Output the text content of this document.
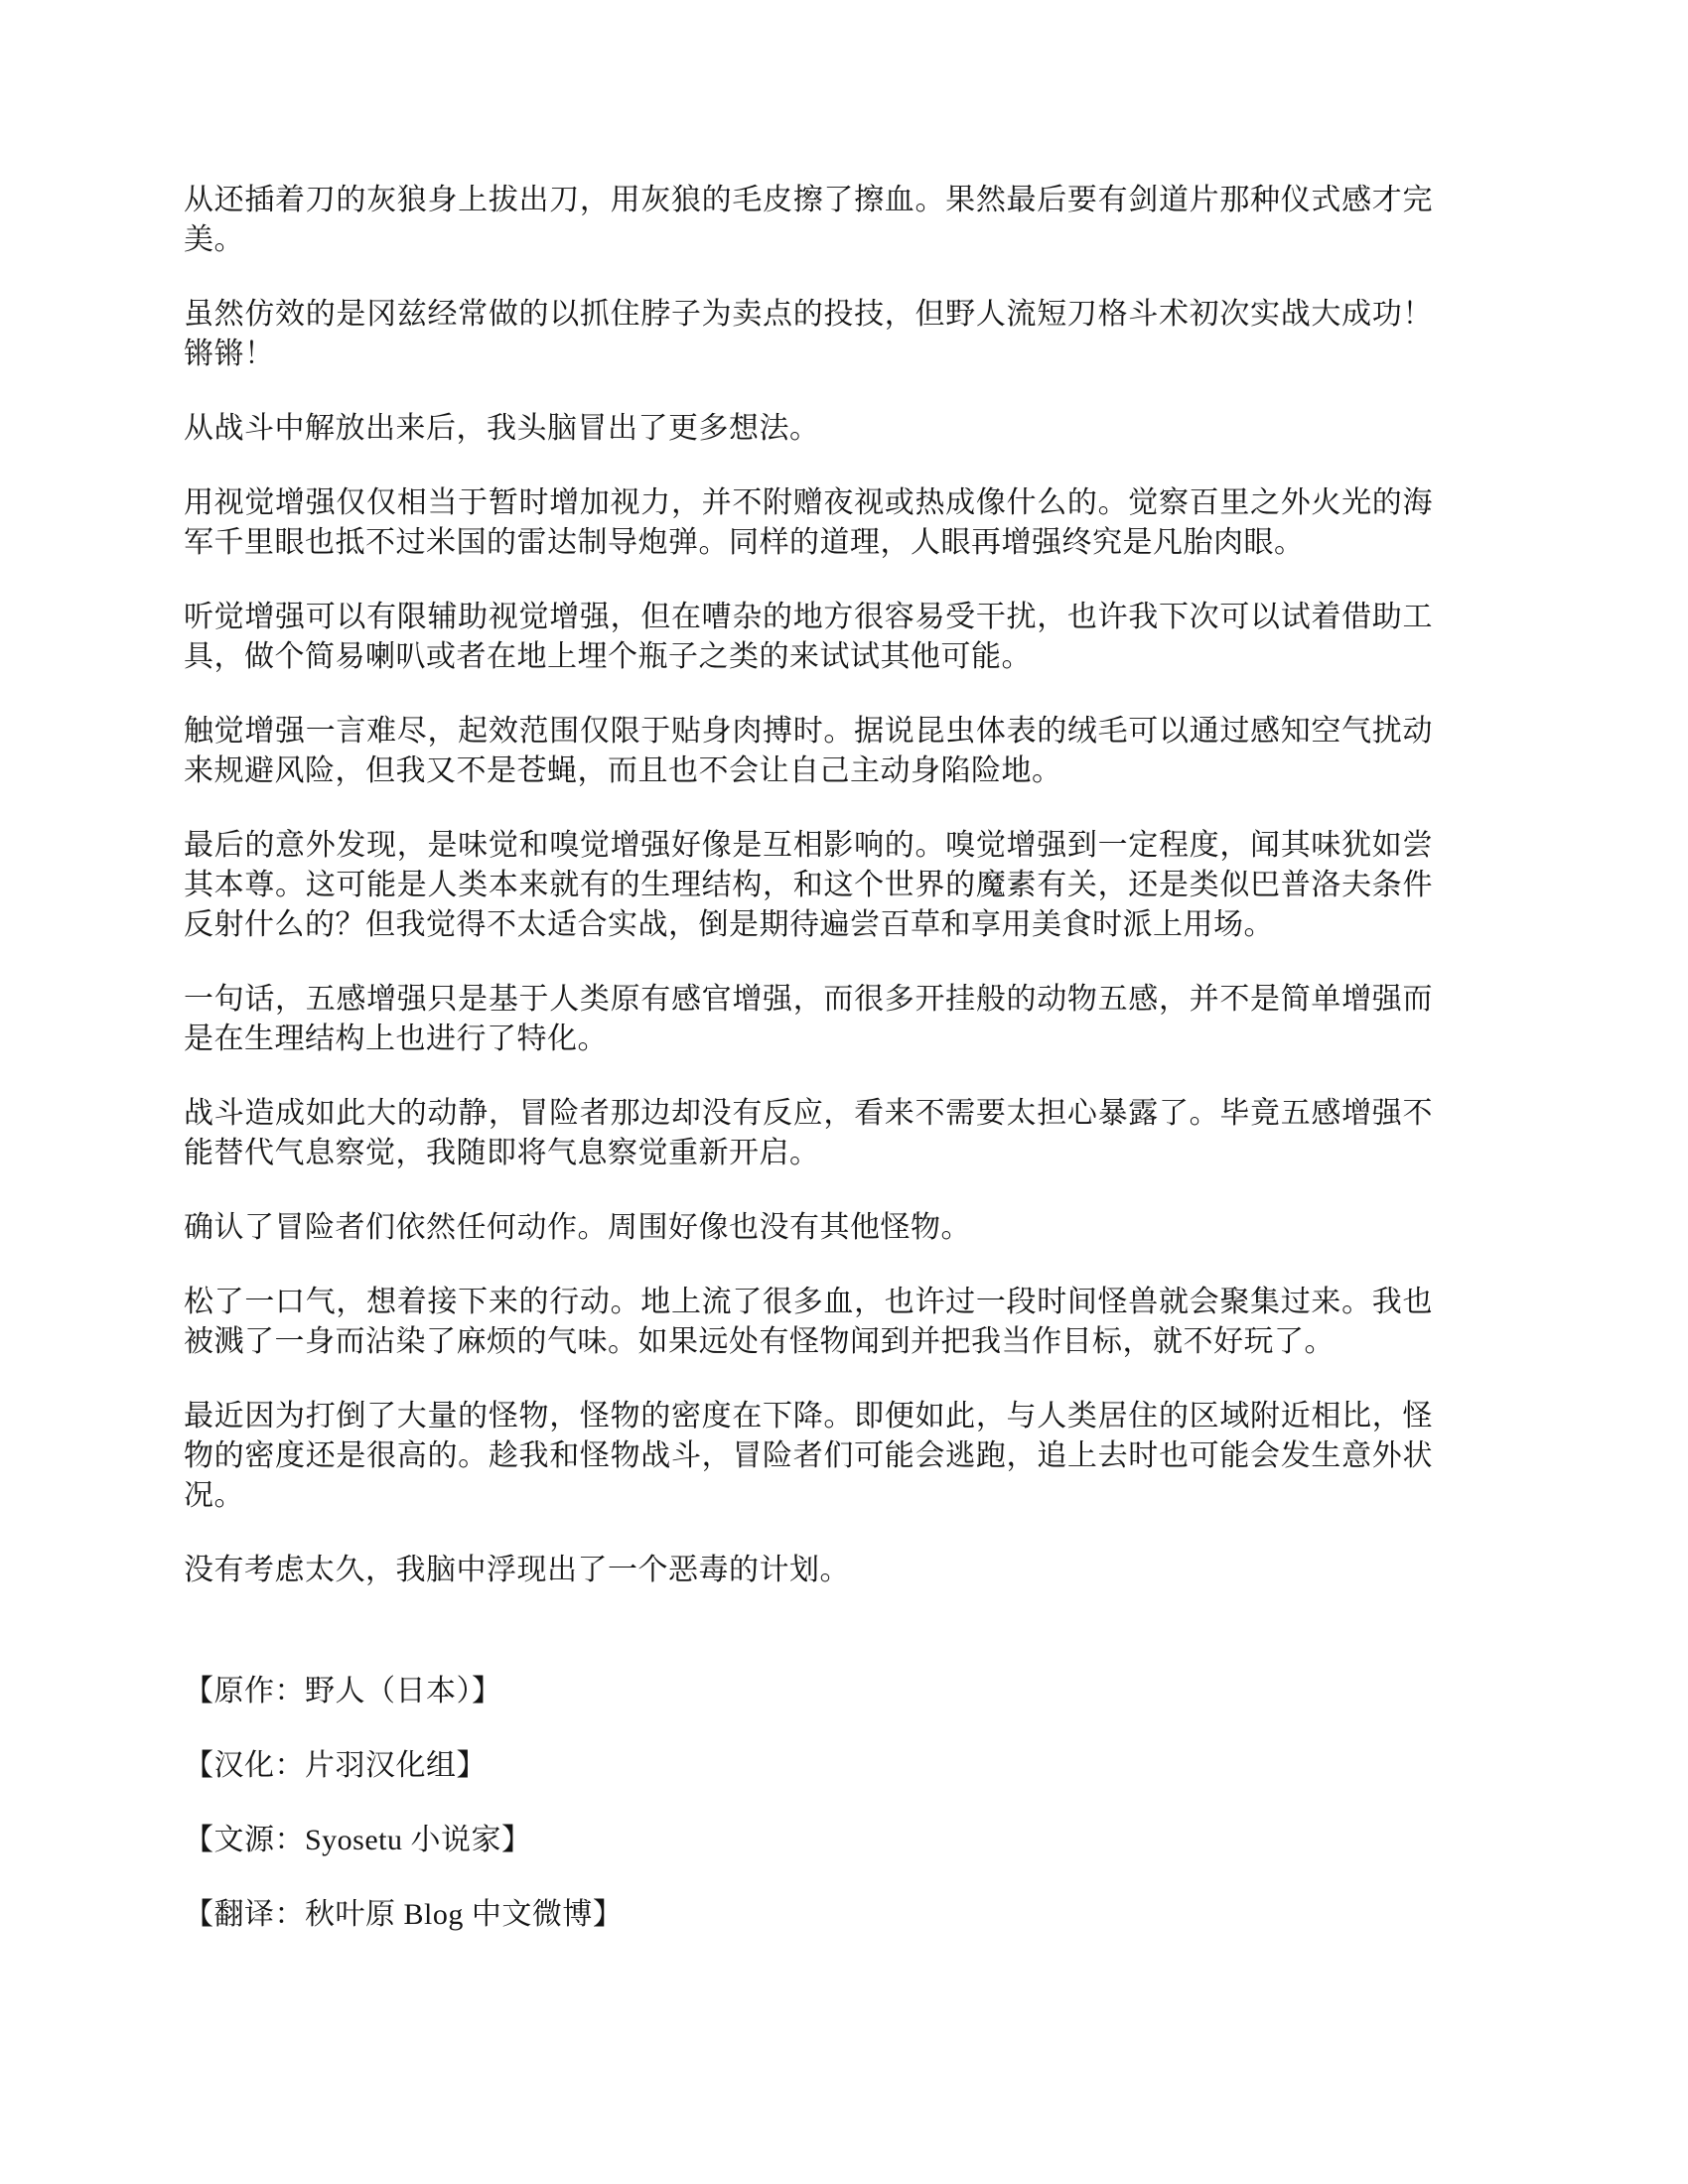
从还插着刀的灰狼身上拔出刀，用灰狼的毛皮擦了擦血。果然最后要有剑道片那种仪式感才完美。

虽然仿效的是冈兹经常做的以抓住脖子为卖点的投技，但野人流短刀格斗术初次实战大成功！锵锵！

从战斗中解放出来后，我头脑冒出了更多想法。

用视觉增强仅仅相当于暂时增加视力，并不附赠夜视或热成像什么的。觉察百里之外火光的海军千里眼也抵不过米国的雷达制导炮弹。同样的道理，人眼再增强终究是凡胎肉眼。

听觉增强可以有限辅助视觉增强，但在嘈杂的地方很容易受干扰，也许我下次可以试着借助工具，做个简易喇叭或者在地上埋个瓶子之类的来试试其他可能。

触觉增强一言难尽，起效范围仅限于贴身肉搏时。据说昆虫体表的绒毛可以通过感知空气扰动来规避风险，但我又不是苍蝇，而且也不会让自己主动身陷险地。

最后的意外发现，是味觉和嗅觉增强好像是互相影响的。嗅觉增强到一定程度，闻其味犹如尝其本尊。这可能是人类本来就有的生理结构，和这个世界的魔素有关，还是类似巴普洛夫条件反射什么的？但我觉得不太适合实战，倒是期待遍尝百草和享用美食时派上用场。

一句话，五感增强只是基于人类原有感官增强，而很多开挂般的动物五感，并不是简单增强而是在生理结构上也进行了特化。

战斗造成如此大的动静，冒险者那边却没有反应，看来不需要太担心暴露了。毕竟五感增强不能替代气息察觉，我随即将气息察觉重新开启。

确认了冒险者们依然任何动作。周围好像也没有其他怪物。

松了一口气，想着接下来的行动。地上流了很多血，也许过一段时间怪兽就会聚集过来。我也被溅了一身而沾染了麻烦的气味。如果远处有怪物闻到并把我当作目标，就不好玩了。

最近因为打倒了大量的怪物，怪物的密度在下降。即便如此，与人类居住的区域附近相比，怪物的密度还是很高的。趁我和怪物战斗，冒险者们可能会逃跑，追上去时也可能会发生意外状况。

没有考虑太久，我脑中浮现出了一个恶毒的计划。

【原作：野人（日本）】

【汉化：片羽汉化组】

【文源：Syosetu 小说家】

【翻译：秋叶原 Blog 中文微博】
